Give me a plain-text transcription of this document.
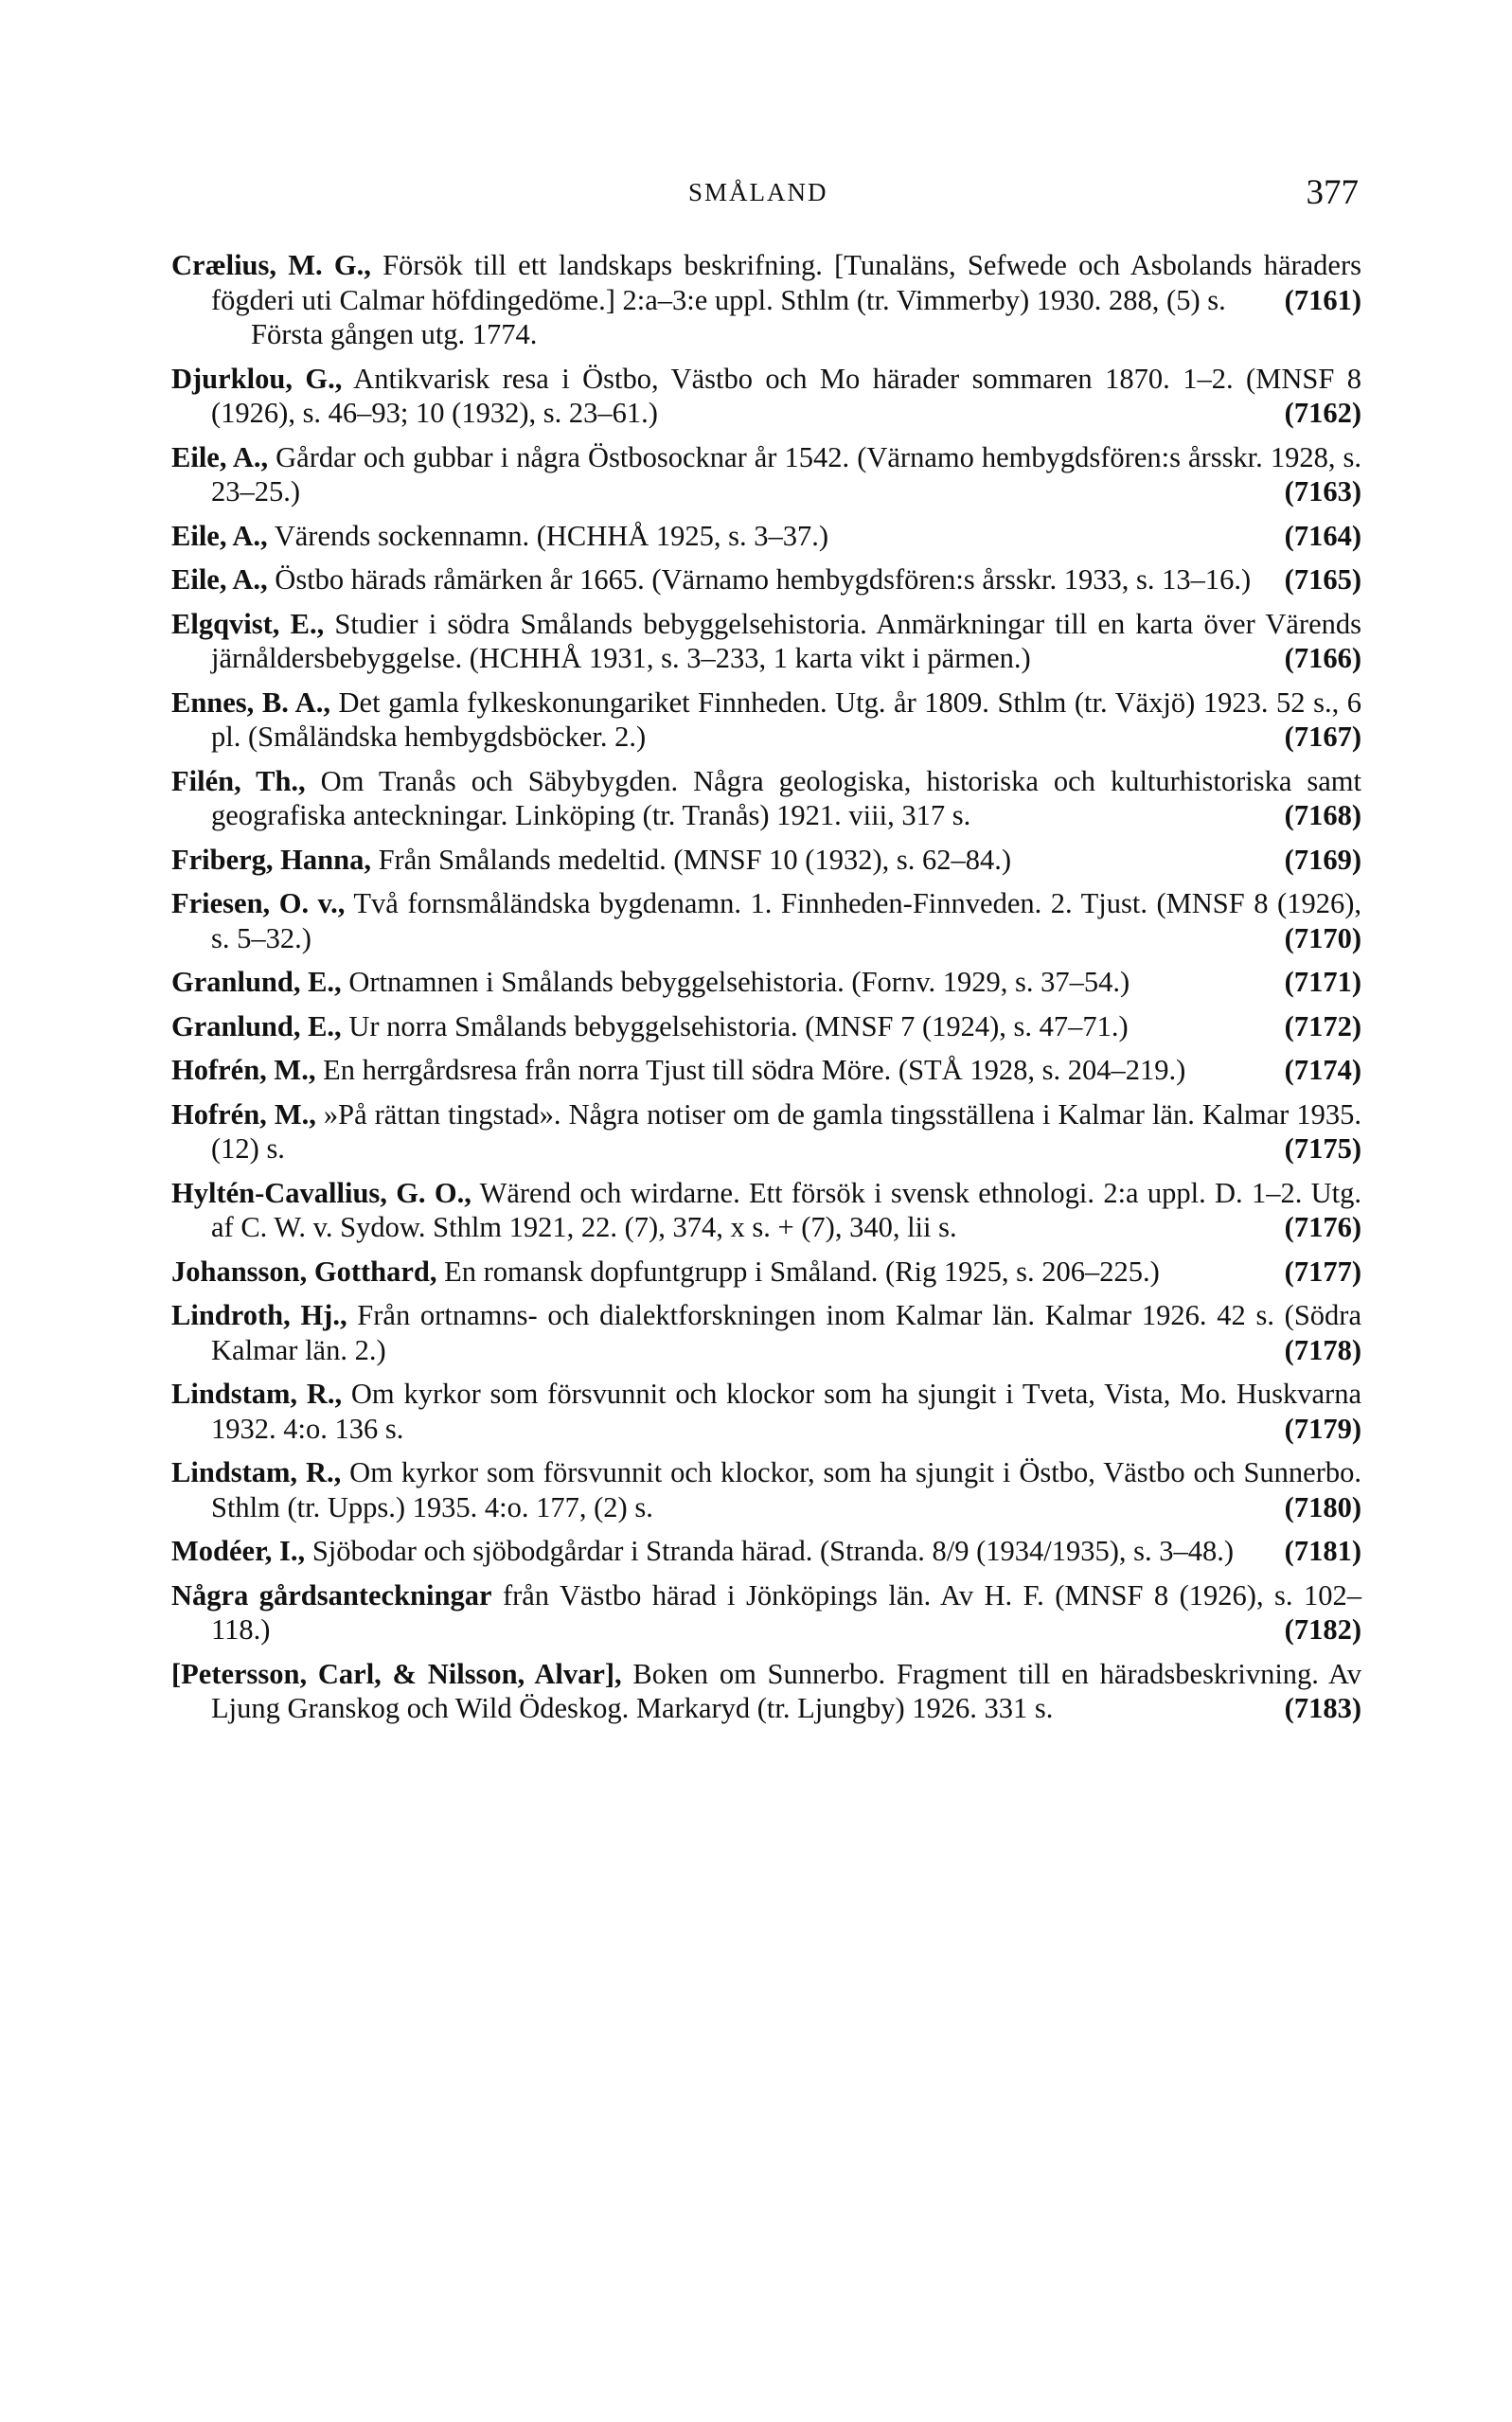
SMÅLAND	377
Crælius, M. G., Försök till ett landskaps beskrifning. [Tunaläns, Sefwede och Asbolands häraders fögderi uti Calmar höfdingedöme.] 2:a–3:e uppl. Sthlm (tr. Vimmerby) 1930. 288, (5) s.	(7161)
Första gången utg. 1774.
Djurklou, G., Antikvarisk resa i Östbo, Västbo och Mo härader sommaren 1870. 1–2. (MNSF 8 (1926), s. 46–93; 10 (1932), s. 23–61.)	(7162)
Eile, A., Gårdar och gubbar i några Östbosocknar år 1542. (Värnamo hembygdsfören:s årsskr. 1928, s. 23–25.)	(7163)
Eile, A., Värends sockennamn. (HCHHÅ 1925, s. 3–37.)	(7164)
Eile, A., Östbo härads råmärken år 1665. (Värnamo hembygdsfören:s årsskr. 1933, s. 13–16.)	(7165)
Elgqvist, E., Studier i södra Smålands bebyggelsehistoria. Anmärkningar till en karta över Värends järnåldersbebyggelse. (HCHHÅ 1931, s. 3–233, 1 karta vikt i pärmen.)	(7166)
Ennes, B. A., Det gamla fylkeskonungariket Finnheden. Utg. år 1809. Sthlm (tr. Växjö) 1923. 52 s., 6 pl. (Småländska hembygdsböcker. 2.)	(7167)
Filén, Th., Om Tranås och Säbybygden. Några geologiska, historiska och kulturhistoriska samt geografiska anteckningar. Linköping (tr. Tranås) 1921. viii, 317 s.	(7168)
Friberg, Hanna, Från Smålands medeltid. (MNSF 10 (1932), s. 62–84.)	(7169)
Friesen, O. v., Två fornsmåländska bygdenamn. 1. Finnheden-Finnveden. 2. Tjust. (MNSF 8 (1926), s. 5–32.)	(7170)
Granlund, E., Ortnamnen i Smålands bebyggelsehistoria. (Fornv. 1929, s. 37–54.)	(7171)
Granlund, E., Ur norra Smålands bebyggelsehistoria. (MNSF 7 (1924), s. 47–71.)	(7172)
Hofrén, M., En herrgårdsresa från norra Tjust till södra Möre. (STÅ 1928, s. 204–219.)	(7174)
Hofrén, M., »På rättan tingstad». Några notiser om de gamla tingsställena i Kalmar län. Kalmar 1935. (12) s.	(7175)
Hyltén-Cavallius, G. O., Wärend och wirdarne. Ett försök i svensk ethnologi. 2:a uppl. D. 1–2. Utg. af C. W. v. Sydow. Sthlm 1921, 22. (7), 374, x s. + (7), 340, lii s.	(7176)
Johansson, Gotthard, En romansk dopfuntgrupp i Småland. (Rig 1925, s. 206–225.)	(7177)
Lindroth, Hj., Från ortnamns- och dialektforskningen inom Kalmar län. Kalmar 1926. 42 s. (Södra Kalmar län. 2.)	(7178)
Lindstam, R., Om kyrkor som försvunnit och klockor som ha sjungit i Tveta, Vista, Mo. Huskvarna 1932. 4:o. 136 s.	(7179)
Lindstam, R., Om kyrkor som försvunnit och klockor, som ha sjungit i Östbo, Västbo och Sunnerbo. Sthlm (tr. Upps.) 1935. 4:o. 177, (2) s.	(7180)
Modéer, I., Sjöbodar och sjöbodgårdar i Stranda härad. (Stranda. 8/9 (1934/1935), s. 3–48.)	(7181)
Några gårdsanteckningar från Västbo härad i Jönköpings län. Av H. F. (MNSF 8 (1926), s. 102–118.)	(7182)
[Petersson, Carl, & Nilsson, Alvar], Boken om Sunnerbo. Fragment till en häradsbeskrivning. Av Ljung Granskog och Wild Ödeskog. Markaryd (tr. Ljungby) 1926. 331 s.	(7183)
